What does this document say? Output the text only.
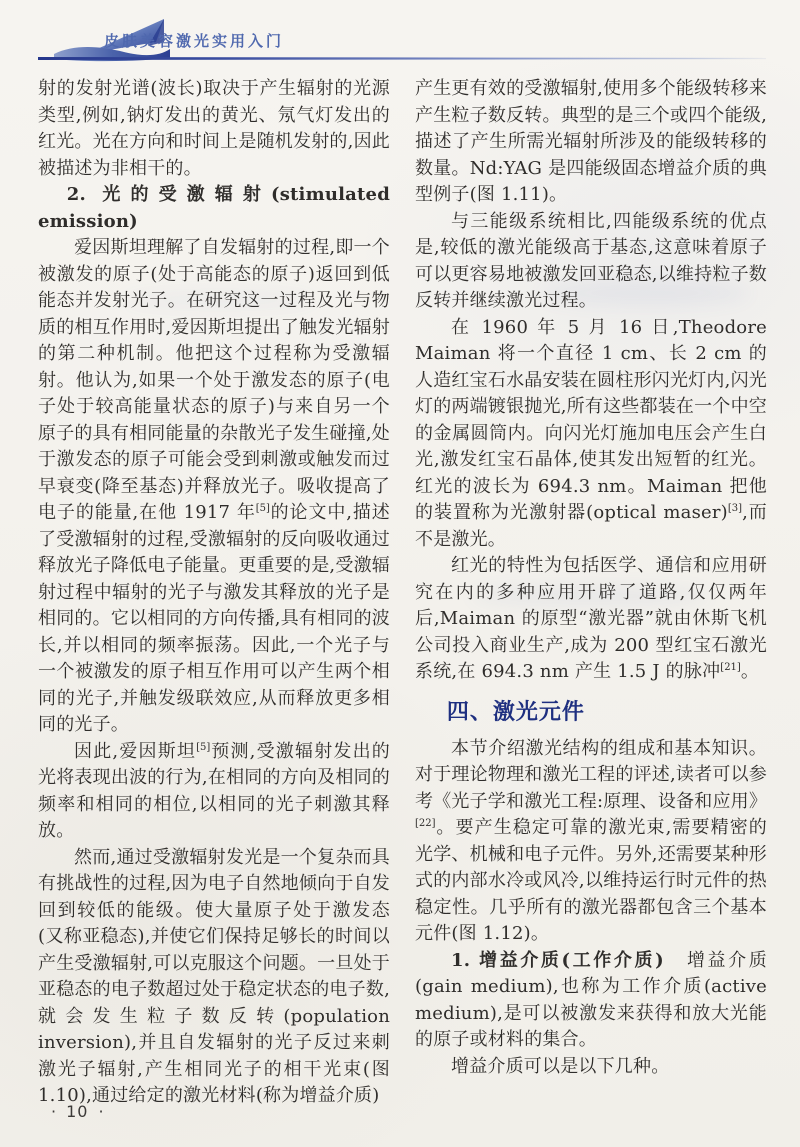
皮肤美容激光实用入门

射的发射光谱(波长)取决于产生辐射的光源类型,例如,钠灯发出的黄光、氖气灯发出的红光。光在方向和时间上是随机发射的,因此被描述为非相干的。

2. 光的受激辐射(stimulated emission)

爱因斯坦理解了自发辐射的过程,即一个被激发的原子(处于高能态的原子)返回到低能态并发射光子。在研究这一过程及光与物质的相互作用时,爱因斯坦提出了触发光辐射的第二种机制。他把这个过程称为受激辐射。他认为,如果一个处于激发态的原子(电子处于较高能量状态的原子)与来自另一个原子的具有相同能量的杂散光子发生碰撞,处于激发态的原子可能会受到刺激或触发而过早衰变(降至基态)并释放光子。吸收提高了电子的能量,在他 1917 年[5]的论文中,描述了受激辐射的过程,受激辐射的反向吸收通过释放光子降低电子能量。更重要的是,受激辐射过程中辐射的光子与激发其释放的光子是相同的。它以相同的方向传播,具有相同的波长,并以相同的频率振荡。因此,一个光子与一个被激发的原子相互作用可以产生两个相同的光子,并触发级联效应,从而释放更多相同的光子。

因此,爱因斯坦[5]预测,受激辐射发出的光将表现出波的行为,在相同的方向及相同的频率和相同的相位,以相同的光子刺激其释放。

然而,通过受激辐射发光是一个复杂而具有挑战性的过程,因为电子自然地倾向于自发回到较低的能级。使大量原子处于激发态(又称亚稳态),并使它们保持足够长的时间以产生受激辐射,可以克服这个问题。一旦处于亚稳态的电子数超过处于稳定状态的电子数,就会发生粒子数反转(population inversion),并且自发辐射的光子反过来刺激光子辐射,产生相同光子的相干光束(图 1.10),通过给定的激光材料(称为增益介质)

产生更有效的受激辐射,使用多个能级转移来产生粒子数反转。典型的是三个或四个能级,描述了产生所需光辐射所涉及的能级转移的数量。Nd:YAG 是四能级固态增益介质的典型例子(图 1.11)。

与三能级系统相比,四能级系统的优点是,较低的激光能级高于基态,这意味着原子可以更容易地被激发回亚稳态,以维持粒子数反转并继续激光过程。

在 1960 年 5 月 16 日,Theodore Maiman 将一个直径 1 cm、长 2 cm 的人造红宝石水晶安装在圆柱形闪光灯内,闪光灯的两端镀银抛光,所有这些都装在一个中空的金属圆筒内。向闪光灯施加电压会产生白光,激发红宝石晶体,使其发出短暂的红光。红光的波长为 694.3 nm。Maiman 把他的装置称为光激射器(optical maser)[3],而不是激光。

红光的特性为包括医学、通信和应用研究在内的多种应用开辟了道路,仅仅两年后,Maiman 的原型“激光器”就由休斯飞机公司投入商业生产,成为 200 型红宝石激光系统,在 694.3 nm 产生 1.5 J 的脉冲[21]。

四、激光元件

本节介绍激光结构的组成和基本知识。对于理论物理和激光工程的评述,读者可以参考《光子学和激光工程:原理、设备和应用》[22]。要产生稳定可靠的激光束,需要精密的光学、机械和电子元件。另外,还需要某种形式的内部水冷或风冷,以维持运行时元件的热稳定性。几乎所有的激光器都包含三个基本元件(图 1.12)。

1. 增益介质(工作介质)　增益介质(gain medium),也称为工作介质(active medium),是可以被激发来获得和放大光能的原子或材料的集合。

增益介质可以是以下几种。

· 10 ·
